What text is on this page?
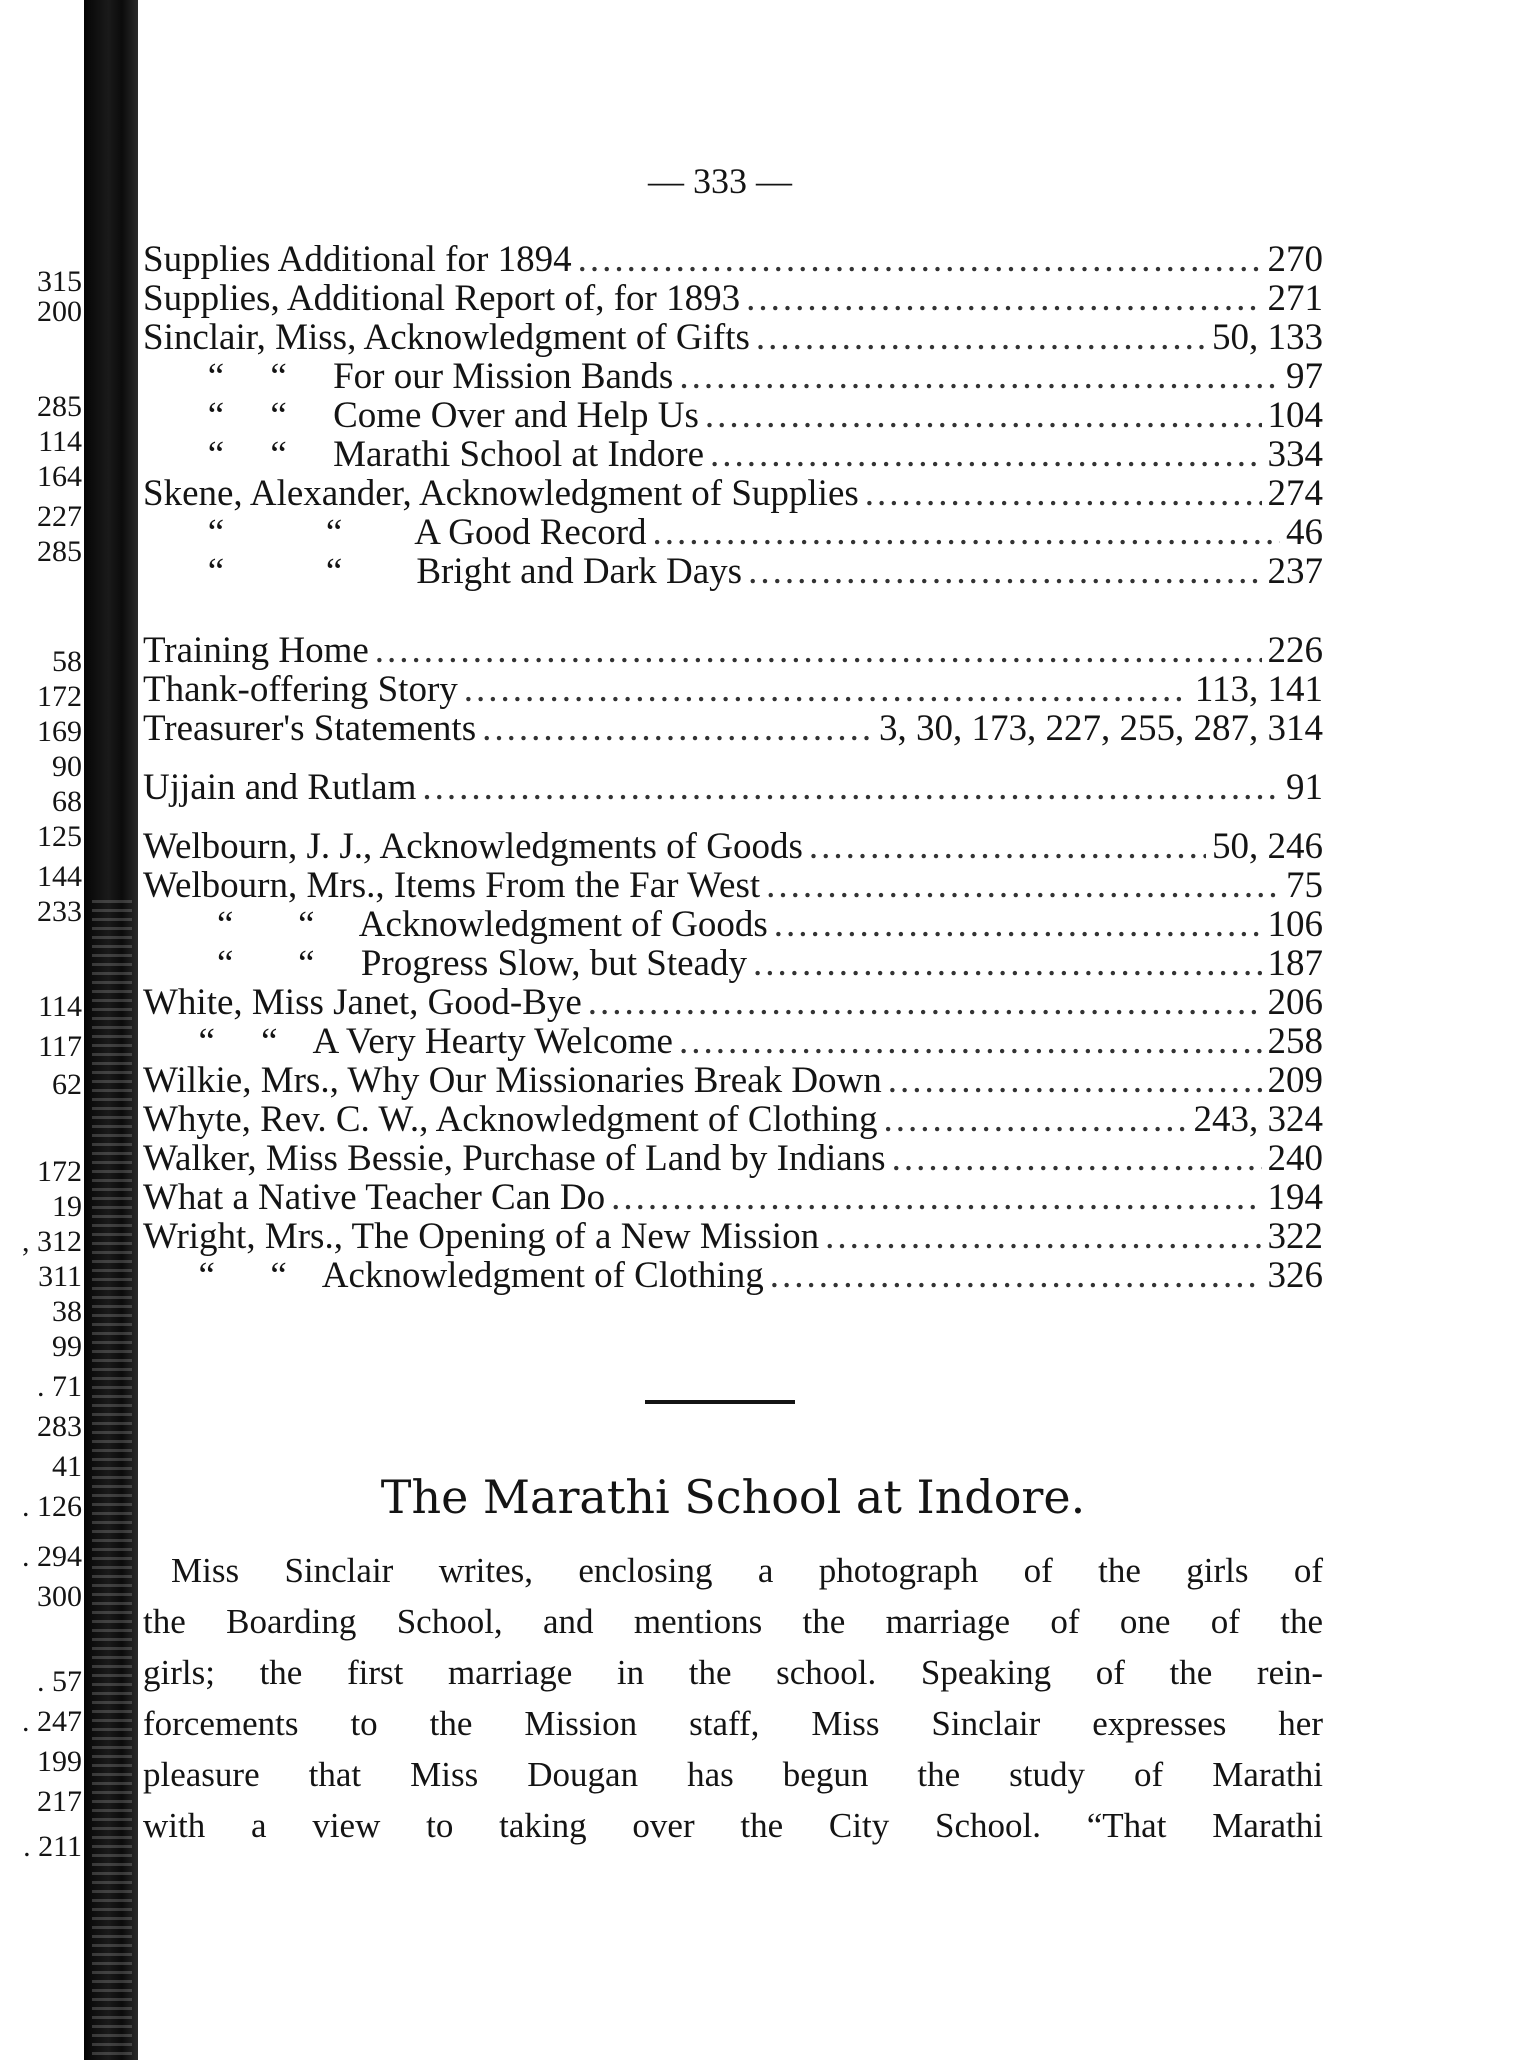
315
200
285
114
164
227
285
58
172
169
90
68
125
144
233
114
117
62
172
19
, 312
311
38
99
. 71
283
41
. 126
. 294
300
. 57
. 247
199
217
. 211
— 333 —
Supplies Additional for 1894 .....	270
Supplies, Additional Report of, for 1893 .....	271
Sinclair, Miss, Acknowledgment of Gifts .....	50, 133
“     “     For our Mission Bands .....	97
“     “     Come Over and Help Us .....	104
“     “     Marathi School at Indore .....	334
Skene, Alexander, Acknowledgment of Supplies .....	274
“           “        A Good Record .....	46
“           “        Bright and Dark Days .....	237
Training Home .....	226
Thank-offering Story .....	113, 141
Treasurer's Statements .....	3, 30, 173, 227, 255, 287, 314
Ujjain and Rutlam .....	91
Welbourn, J. J., Acknowledgments of Goods .....	50, 246
Welbourn, Mrs., Items From the Far West .....	75
“       “     Acknowledgment of Goods .....	106
“       “     Progress Slow, but Steady .....	187
White, Miss Janet, Good-Bye .....	206
“     “    A Very Hearty Welcome .....	258
Wilkie, Mrs., Why Our Missionaries Break Down .....	209
Whyte, Rev. C. W., Acknowledgment of Clothing .....	243, 324
Walker, Miss Bessie, Purchase of Land by Indians .....	240
What a Native Teacher Can Do .....	194
Wright, Mrs., The Opening of a New Mission .....	322
“      “    Acknowledgment of Clothing .....	326
The Marathi School at Indore.
Miss Sinclair writes, enclosing a photograph of the girls of
the Boarding School, and mentions the marriage of one of the
girls; the first marriage in the school. Speaking of the rein-
forcements to the Mission staff, Miss Sinclair expresses her
pleasure that Miss Dougan has begun the study of Marathi
with a view to taking over the City School. “That Marathi
